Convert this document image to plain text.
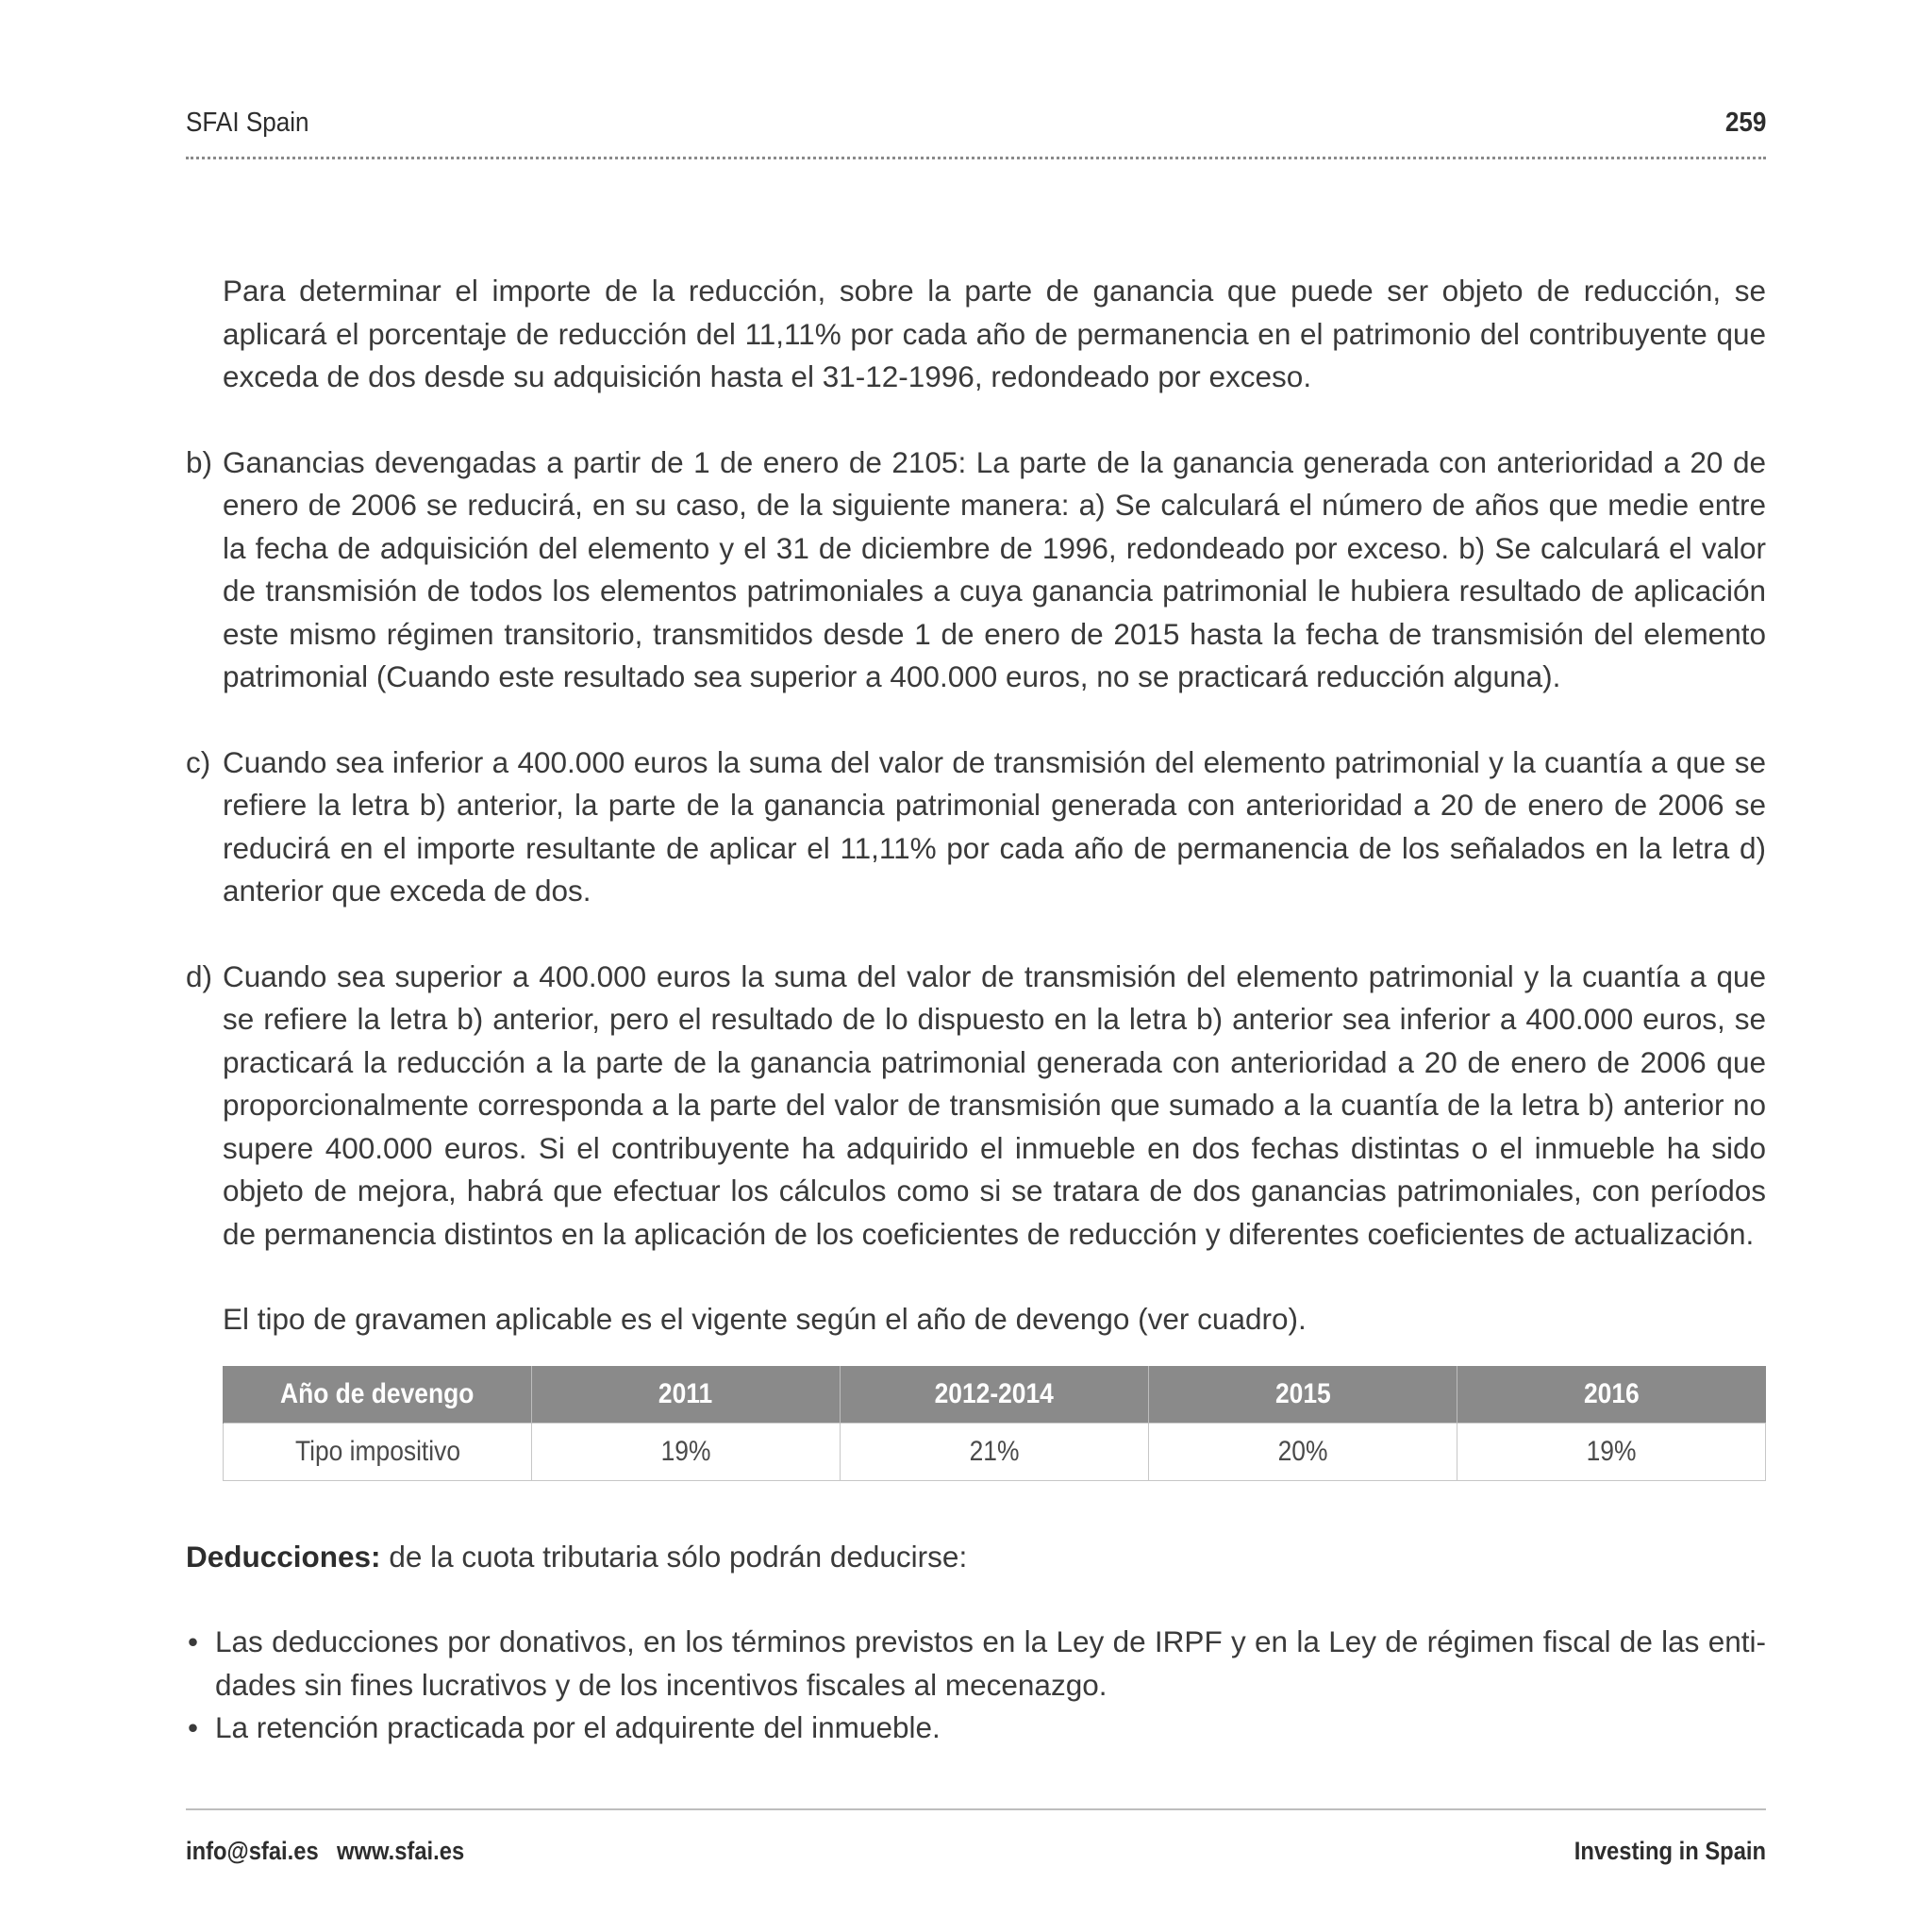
SFAI Spain	259

Para determinar el importe de la reducción, sobre la parte de ganancia que puede ser objeto de reducción, se aplicará el porcentaje de reducción del 11,11% por cada año de permanencia en el patrimonio del contribuyente que exceda de dos desde su adquisición hasta el 31-12-1996, redondeado por exceso.

b) Ganancias devengadas a partir de 1 de enero de 2105: La parte de la ganancia generada con anterioridad a 20 de enero de 2006 se reducirá, en su caso, de la siguiente manera: a) Se calculará el número de años que medie entre la fecha de adquisición del elemento y el 31 de diciembre de 1996, redondeado por exceso. b) Se calculará el valor de transmisión de todos los elementos patrimoniales a cuya ganancia patrimonial le hubiera resultado de aplicación este mismo régimen transitorio, transmitidos desde 1 de enero de 2015 hasta la fecha de transmisión del elemento patrimonial (Cuando este resultado sea superior a 400.000 euros, no se practicará reducción alguna).
c) Cuando sea inferior a 400.000 euros la suma del valor de transmisión del elemento patrimonial y la cuantía a que se refiere la letra b) anterior, la parte de la ganancia patrimonial generada con anterioridad a 20 de enero de 2006 se reducirá en el importe resultante de aplicar el 11,11% por cada año de permanencia de los señalados en la letra d) anterior que exceda de dos.
d) Cuando sea superior a 400.000 euros la suma del valor de transmisión del elemento patrimonial y la cuantía a que se refiere la letra b) anterior, pero el resultado de lo dispuesto en la letra b) anterior sea inferior a 400.000 euros, se practicará la reducción a la parte de la ganancia patrimonial generada con anterioridad a 20 de enero de 2006 que proporcionalmente corresponda a la parte del valor de transmisión que sumado a la cuantía de la letra b) anterior no supere 400.000 euros. Si el contribuyente ha adquirido el inmueble en dos fechas distintas o el inmueble ha sido objeto de mejora, habrá que efectuar los cálculos como si se tratara de dos ganancias patrimoniales, con períodos de permanencia distintos en la aplicación de los coeficientes de reducción y diferentes coeficientes de actualización.

El tipo de gravamen aplicable es el vigente según el año de devengo (ver cuadro).

Año de devengo	2011	2012-2014	2015	2016
Tipo impositivo	19%	21%	20%	19%

Deducciones: de la cuota tributaria sólo podrán deducirse:

• Las deducciones por donativos, en los términos previstos en la Ley de IRPF y en la Ley de régimen fiscal de las entidades sin fines lucrativos y de los incentivos fiscales al mecenazgo.
• La retención practicada por el adquirente del inmueble.
info@sfai.es www.sfai.es	Investing in Spain
